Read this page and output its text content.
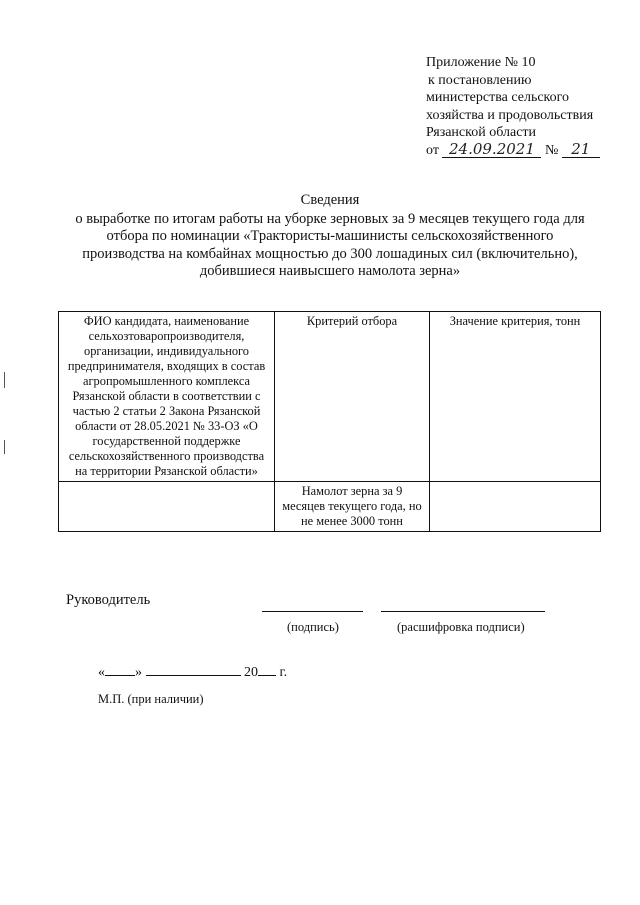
Приложение № 10
к постановлению
министерства сельского
хозяйства и продовольствия
Рязанской области
от 24.09.2021 № 21
Сведения
о выработке по итогам работы на уборке зерновых за 9 месяцев текущего года для
отбора по номинации «Трактористы-машинисты сельскохозяйственного
производства на комбайнах мощностью до 300 лошадиных сил (включительно),
добившиеся наивысшего намолота зерна»
ФИО кандидата, наименование сельхозтоваропроизводителя, организации, индивидуального предпринимателя, входящих в состав агропромышленного комплекса Рязанской области в соответствии с частью 2 статьи 2 Закона Рязанской области от 28.05.2021 № 33-ОЗ «О государственной поддержке сельскохозяйственного производства на территории Рязанской области»	Критерий отбора	Значение критерия, тонн
	Намолот зерна за 9 месяцев текущего года, но не менее 3000 тонн	
Руководитель
(подпись)	(расшифровка подписи)
« »	20 г.
М.П. (при наличии)
